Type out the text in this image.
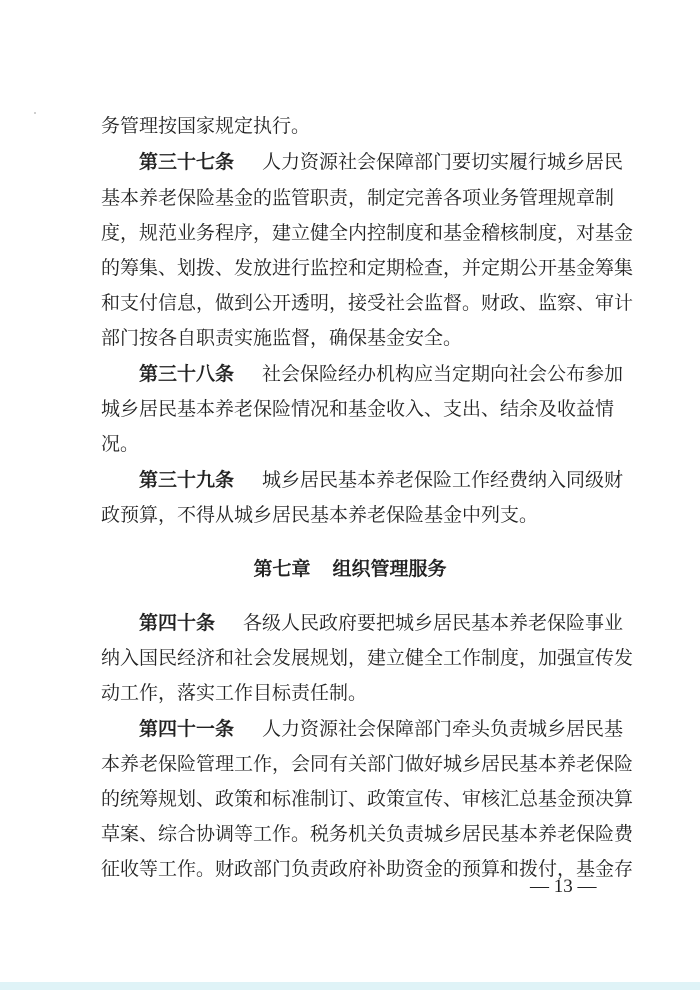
务管理按国家规定执行。
第三十七条 人力资源社会保障部门要切实履行城乡居民
基本养老保险基金的监管职责，制定完善各项业务管理规章制
度，规范业务程序，建立健全内控制度和基金稽核制度，对基金
的筹集、划拨、发放进行监控和定期检查，并定期公开基金筹集
和支付信息，做到公开透明，接受社会监督。财政、监察、审计
部门按各自职责实施监督，确保基金安全。
第三十八条 社会保险经办机构应当定期向社会公布参加
城乡居民基本养老保险情况和基金收入、支出、结余及收益情
况。
第三十九条 城乡居民基本养老保险工作经费纳入同级财
政预算，不得从城乡居民基本养老保险基金中列支。
第七章 组织管理服务
第四十条 各级人民政府要把城乡居民基本养老保险事业
纳入国民经济和社会发展规划，建立健全工作制度，加强宣传发
动工作，落实工作目标责任制。
第四十一条 人力资源社会保障部门牵头负责城乡居民基
本养老保险管理工作，会同有关部门做好城乡居民基本养老保险
的统筹规划、政策和标准制订、政策宣传、审核汇总基金预决算
草案、综合协调等工作。税务机关负责城乡居民基本养老保险费
征收等工作。财政部门负责政府补助资金的预算和拨付，基金存
— 13 —
